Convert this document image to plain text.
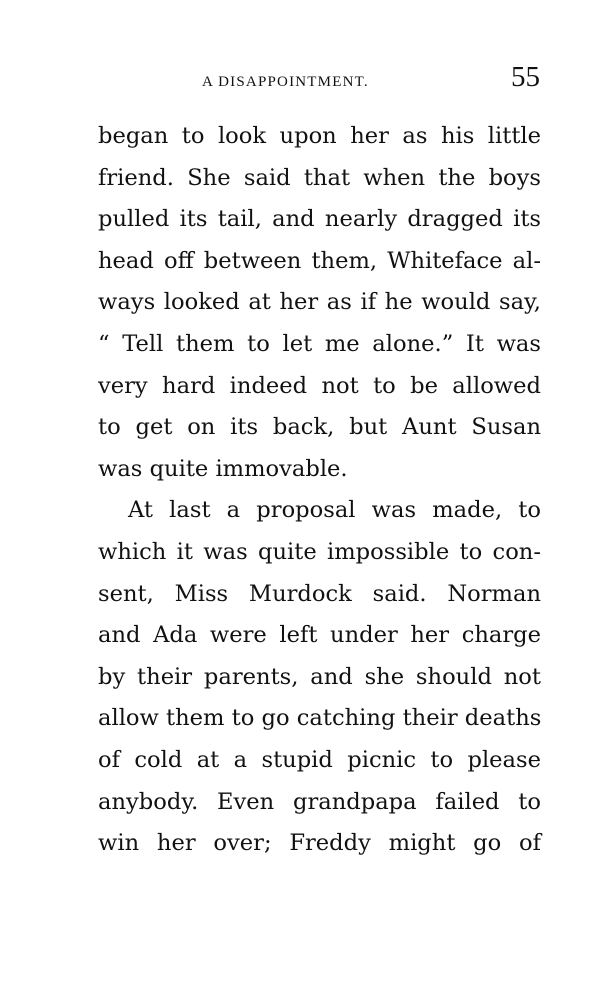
A DISAPPOINTMENT.	55
began to look upon her as his little
friend. She said that when the boys
pulled its tail, and nearly dragged its
head off between them, Whiteface al-
ways looked at her as if he would say,
“ Tell them to let me alone.” It was
very hard indeed not to be allowed
to get on its back, but Aunt Susan
was quite immovable.
At last a proposal was made, to
which it was quite impossible to con-
sent, Miss Murdock said. Norman
and Ada were left under her charge
by their parents, and she should not
allow them to go catching their deaths
of cold at a stupid picnic to please
anybody. Even grandpapa failed to
win her over; Freddy might go of
